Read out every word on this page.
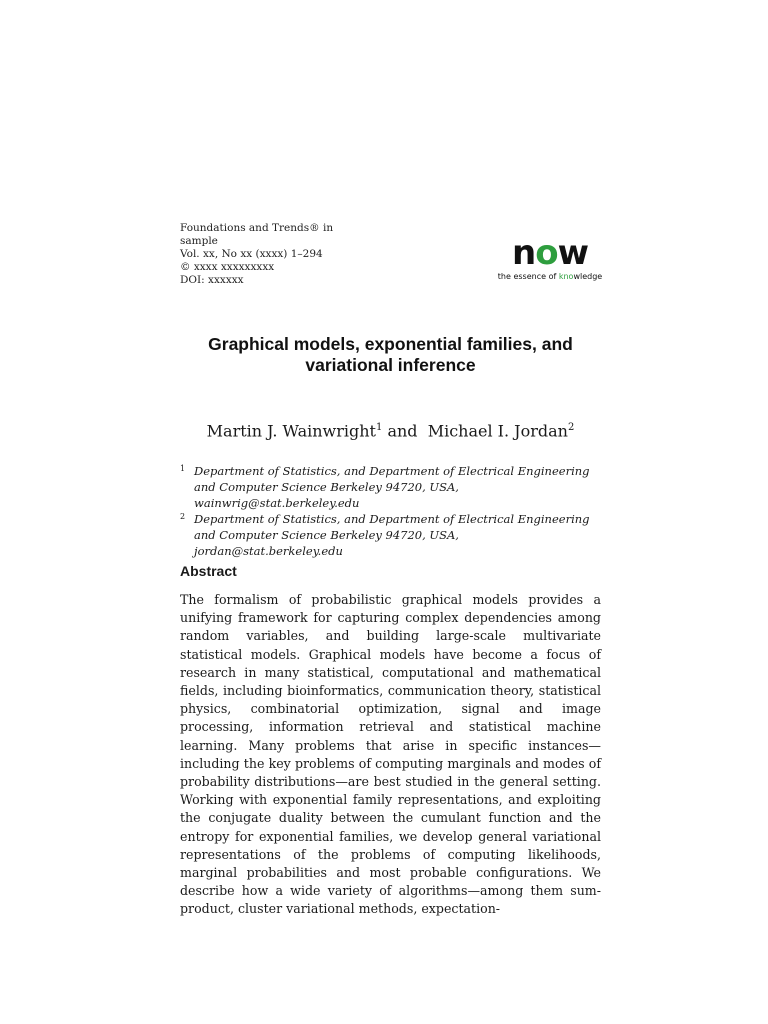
Foundations and Trends® in
sample
Vol. xx, No xx (xxxx) 1–294
© xxxx xxxxxxxxx
DOI: xxxxxx
now
the essence of knowledge
Graphical models, exponential families, and variational inference
Martin J. Wainwright$^1$ and Michael I. Jordan$^2$
1 Department of Statistics, and Department of Electrical Engineering and Computer Science Berkeley 94720, USA, wainwrig@stat.berkeley.edu
2 Department of Statistics, and Department of Electrical Engineering and Computer Science Berkeley 94720, USA, jordan@stat.berkeley.edu
Abstract
The formalism of probabilistic graphical models provides a unifying framework for capturing complex dependencies among random variables, and building large-scale multivariate statistical models. Graphical models have become a focus of research in many statistical, computational and mathematical fields, including bioinformatics, communication theory, statistical physics, combinatorial optimization, signal and image processing, information retrieval and statistical machine learning. Many problems that arise in specific instances—including the key problems of computing marginals and modes of probability distributions—are best studied in the general setting. Working with exponential family representations, and exploiting the conjugate duality between the cumulant function and the entropy for exponential families, we develop general variational representations of the problems of computing likelihoods, marginal probabilities and most probable configurations. We describe how a wide variety of algorithms—among them sum-product, cluster variational methods, expectation-
